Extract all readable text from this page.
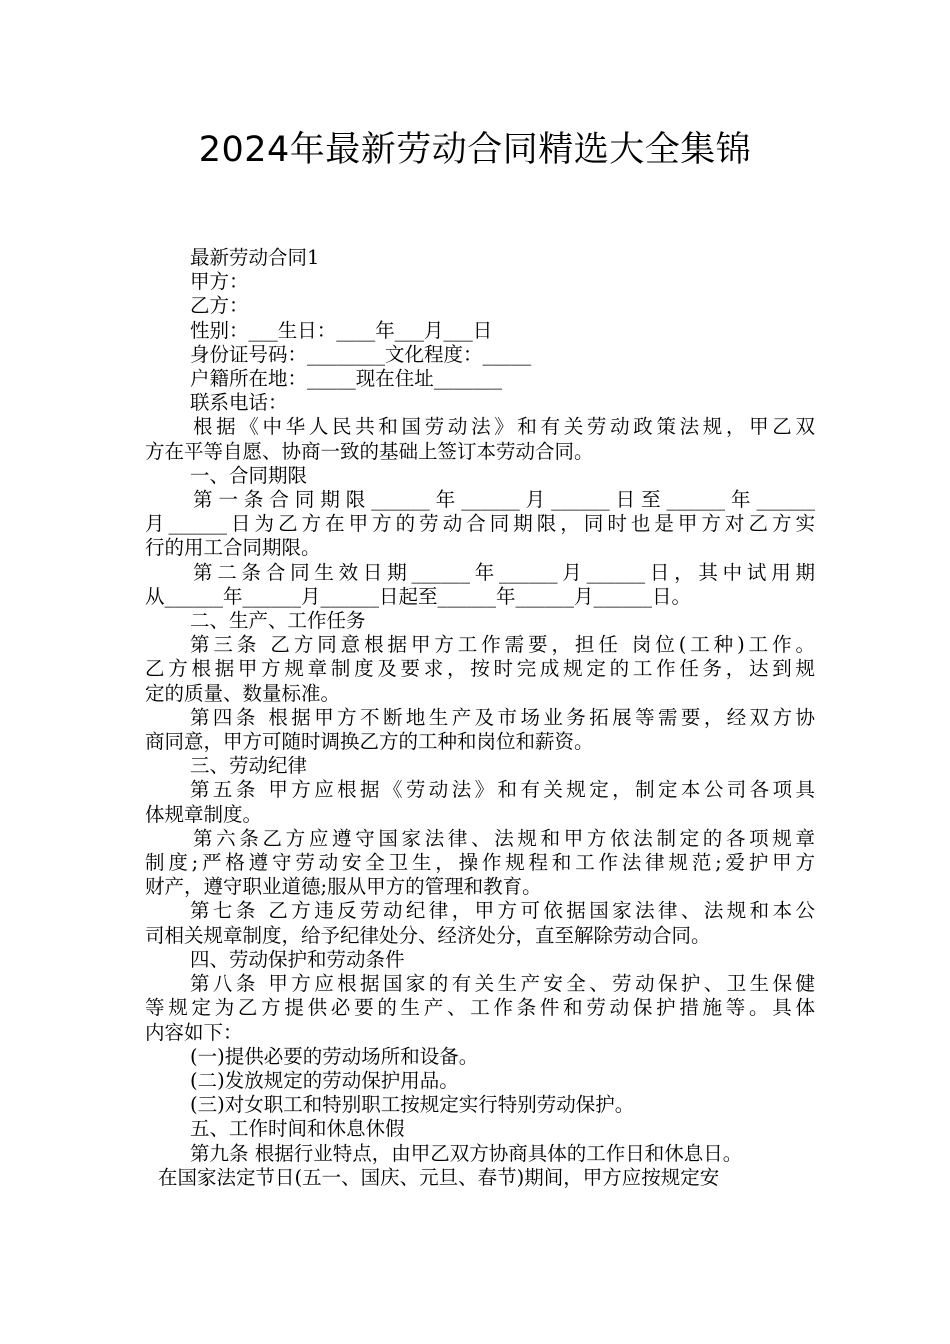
2024年最新劳动合同精选大全集锦

最新劳动合同1

甲方：

乙方：

性别：___生日：____年___月___日

身份证号码：________文化程度：_____

户籍所在地：_____现在住址_______

联系电话：

根据《中华人民共和国劳动法》和有关劳动政策法规，甲乙双

方在平等自愿、协商一致的基础上签订本劳动合同。

一、合同期限

第一条合同期限______年______月______日至______年______

月______日为乙方在甲方的劳动合同期限，同时也是甲方对乙方实

行的用工合同期限。

第二条合同生效日期______年______月______日，其中试用期

从______年______月______日起至______年______月______日。

二、生产、工作任务

第三条 乙方同意根据甲方工作需要，担任 岗位(工种)工作。

乙方根据甲方规章制度及要求，按时完成规定的工作任务，达到规

定的质量、数量标准。

第四条 根据甲方不断地生产及市场业务拓展等需要，经双方协

商同意，甲方可随时调换乙方的工种和岗位和薪资。

三、劳动纪律

第五条 甲方应根据《劳动法》和有关规定，制定本公司各项具

体规章制度。

第六条乙方应遵守国家法律、法规和甲方依法制定的各项规章

制度;严格遵守劳动安全卫生，操作规程和工作法律规范;爱护甲方

财产，遵守职业道德;服从甲方的管理和教育。

第七条 乙方违反劳动纪律，甲方可依据国家法律、法规和本公

司相关规章制度，给予纪律处分、经济处分，直至解除劳动合同。

四、劳动保护和劳动条件

第八条 甲方应根据国家的有关生产安全、劳动保护、卫生保健

等规定为乙方提供必要的生产、工作条件和劳动保护措施等。具体

内容如下：

(一)提供必要的劳动场所和设备。

(二)发放规定的劳动保护用品。

(三)对女职工和特别职工按规定实行特别劳动保护。

五、工作时间和休息休假

第九条 根据行业特点，由甲乙双方协商具体的工作日和休息日。

在国家法定节日(五一、国庆、元旦、春节)期间，甲方应按规定安
